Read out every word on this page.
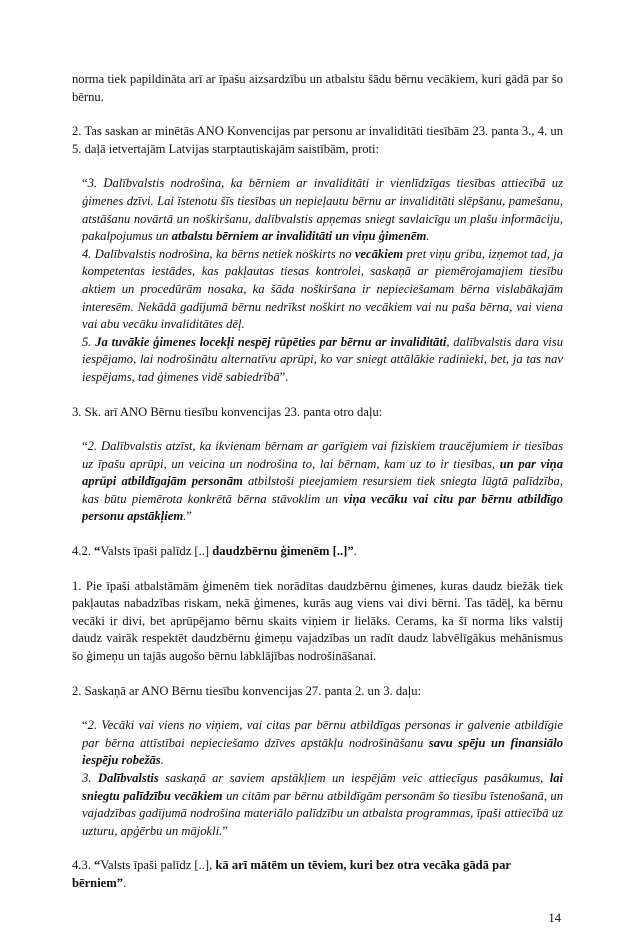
norma tiek papildināta arī ar īpašu aizsardzību un atbalstu šādu bērnu vecākiem, kuri gādā par šo bērnu.
2. Tas saskan ar minētās ANO Konvencijas par personu ar invaliditāti tiesībām 23. panta 3., 4. un 5. daļā ietvertajām Latvijas starptautiskajām saistībām, proti:
“3. Dalībvalstis nodrošina, ka bērniem ar invaliditāti ir vienlīdzīgas tiesības attiecībā uz ģimenes dzīvi. Lai īstenotu šīs tiesības un nepieļautu bērnu ar invaliditāti slēpšanu, pamešanu, atstāšanu novārtā un noškiršanu, dalībvalstis apņemas sniegt savlaicīgu un plašu informāciju, pakalpojumus un atbalstu bērniem ar invaliditāti un viņu ģimenēm.
4. Dalībvalstis nodrošina, ka bērns netiek noškirts no vecākiem pret viņu gribu, izņemot tad, ja kompetentas iestādes, kas pakļautas tiesas kontrolei, saskaņā ar piemērojamajiem tiesību aktiem un procedūrām nosaka, ka šāda noškiršana ir nepieciešamam bērna vislabākajām interesēm. Nekādā gadījumā bērnu nedrīkst noškirt no vecākiem vai nu paša bērna, vai viena vai abu vecāku invaliditātes dēļ.
5. Ja tuvākie ģimenes locekļi nespēj rūpēties par bērnu ar invaliditāti, dalībvalstis dara visu iespējamo, lai nodrošinātu alternatīvu aprūpi, ko var sniegt attālākie radinieki, bet, ja tas nav iespējams, tad ģimenes vidē sabiedrībā”.
3. Sk. arī ANO Bērnu tiesību konvencijas 23. panta otro daļu:
“2. Dalībvalstis atzīst, ka ikvienam bērnam ar garīgiem vai fiziskiem traucējumiem ir tiesības uz īpašu aprūpi, un veicina un nodrošina to, lai bērnam, kam uz to ir tiesības, un par viņa aprūpi atbildīgajām personām atbilstoši pieejamiem resursiem tiek sniegta lūgtā palīdzība, kas būtu piemērota konkrētā bērna stāvoklim un viņa vecāku vai citu par bērnu atbildīgo personu apstākļiem.”
4.2. “Valsts īpaši palīdz [..] daudzbērnu ģimenēm [..]”.
1. Pie īpaši atbalstāmām ģimenēm tiek norādītas daudzbērnu ģimenes, kuras daudz biežāk tiek pakļautas nabadzības riskam, nekā ģimenes, kurās aug viens vai divi bērni. Tas tādēļ, ka bērnu vecāki ir divi, bet aprūpējamo bērnu skaits viņiem ir lielāks. Cerams, ka šī norma liks valstij daudz vairāk respektēt daudzbērnu ģimeņu vajadzības un radīt daudz labvēlīgākus mehānismus šo ģimeņu un tajās augošo bērnu labklājības nodrošināšanai.
2. Saskaņā ar ANO Bērnu tiesību konvencijas 27. panta 2. un 3. daļu:
“2. Vecāki vai viens no viņiem, vai citas par bērnu atbildīgas personas ir galvenie atbildīgie par bērna attīstībai nepieciešamo dzīves apstākļu nodrošināšanu savu spēju un finansiālo iespēju robežās.
3. Dalībvalstis saskaņā ar saviem apstākļiem un iespējām veic attiecīgus pasākumus, lai sniegtu palīdzību vecākiem un citām par bērnu atbildīgām personām šo tiesību īstenošanā, un vajadzības gadījumā nodrošina materiālo palīdzību un atbalsta programmas, īpaši attiecībā uz uzturu, apģērbu un mājokli.”
4.3. “Valsts īpaši palīdz [..], kā arī mātēm un tēviem, kuri bez otra vecāka gādā par bērniem”.
14
